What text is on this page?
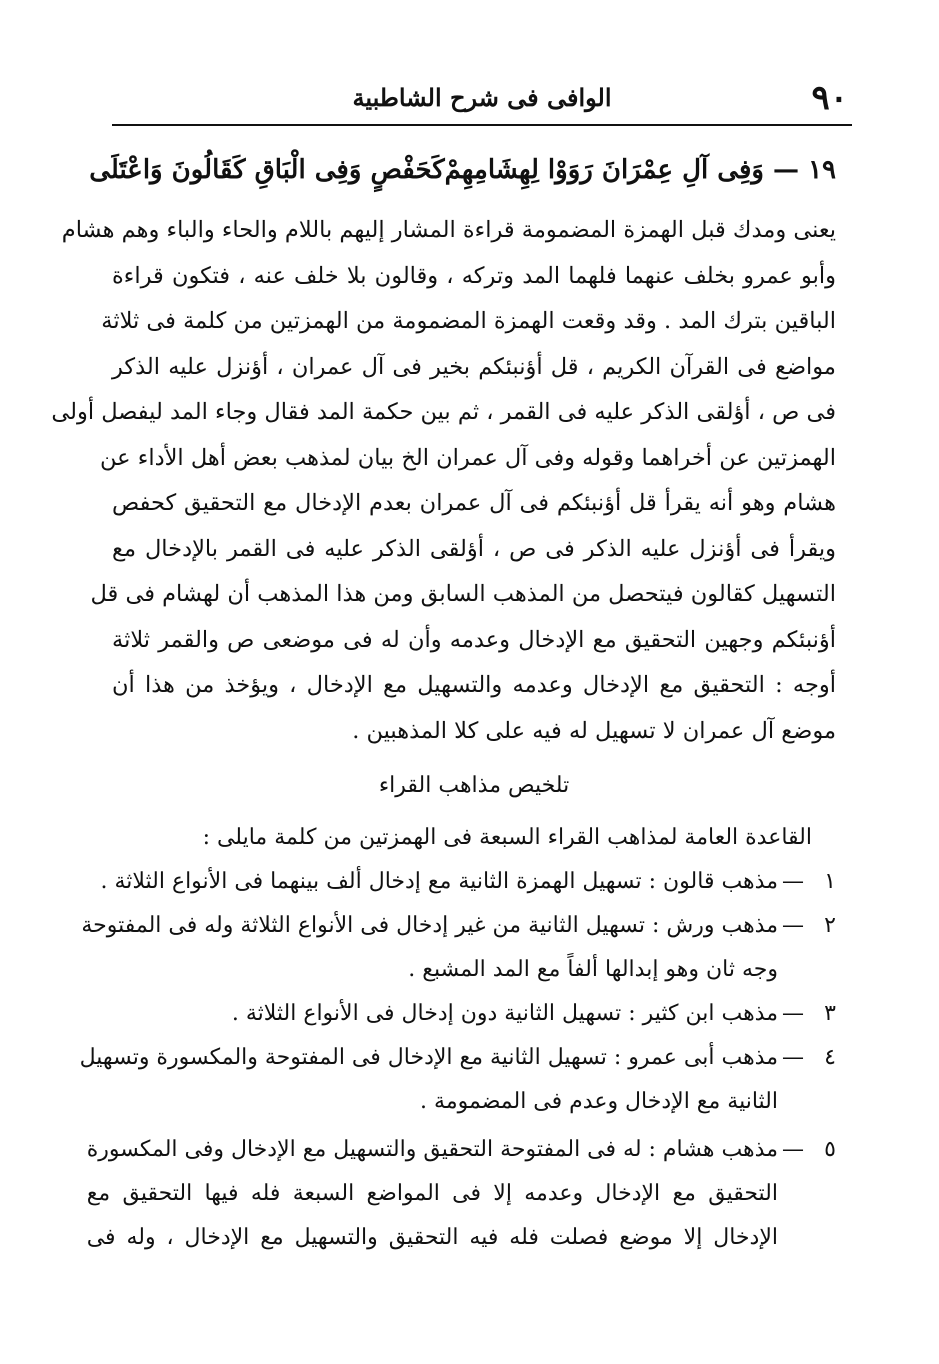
٩٠
الوافى فى شرح الشاطبية
١٩ — وَفِى آلِ عِمْرَانَ رَوَوْا لِهِشَامِهِمْ
كَحَفْصٍ وَفِى الْبَاقِ كَقَالُونَ وَاعْتَلَى

يعنى ومدك قبل الهمزة المضمومة قراءة المشار إليهم باللام والحاء والباء وهم هشام

وأبو عمرو بخلف عنهما فلهما المد وتركه ، وقالون بلا خلف عنه ، فتكون قراءة

الباقين بترك المد . وقد وقعت الهمزة المضمومة من الهمزتين من كلمة فى ثلاثة

مواضع فى القرآن الكريم ، قل أؤنبئكم بخير فى آل عمران ، أؤنزل عليه الذكر

فى ص ، أؤلقى الذكر عليه فى القمر ، ثم بين حكمة المد فقال وجاء المد ليفصل أولى

الهمزتين عن أخراهما وقوله وفى آل عمران الخ بيان لمذهب بعض أهل الأداء عن

هشام وهو أنه يقرأ قل أؤنبئكم فى آل عمران بعدم الإدخال مع التحقيق كحفص

ويقرأ فى أؤنزل عليه الذكر فى ص ، أؤلقى الذكر عليه فى القمر بالإدخال مع

التسهيل كقالون فيتحصل من المذهب السابق ومن هذا المذهب أن لهشام فى قل

أؤنبئكم وجهين التحقيق مع الإدخال وعدمه وأن له فى موضعى ص والقمر ثلاثة

أوجه : التحقيق مع الإدخال وعدمه والتسهيل مع الإدخال ، ويؤخذ من هذا أن

موضع آل عمران لا تسهيل له فيه على كلا المذهبين .

تلخيص مذاهب القراء
القاعدة العامة لمذاهب القراء السبعة فى الهمزتين من كلمة مايلى :
١
—

مذهب قالون : تسهيل الهمزة الثانية مع إدخال ألف بينهما فى الأنواع الثلاثة .

٢
—

مذهب ورش : تسهيل الثانية من غير إدخال فى الأنواع الثلاثة وله فى المفتوحة

وجه ثان وهو إبدالها ألفاً مع المد المشبع .

٣
—

مذهب ابن كثير : تسهيل الثانية دون إدخال فى الأنواع الثلاثة .

٤
—

مذهب أبى عمرو : تسهيل الثانية مع الإدخال فى المفتوحة والمكسورة وتسهيل

الثانية مع الإدخال وعدم فى المضمومة .

٥
—

مذهب هشام : له فى المفتوحة التحقيق والتسهيل مع الإدخال وفى المكسورة

التحقيق مع الإدخال وعدمه إلا فى المواضع السبعة فله فيها التحقيق مع

الإدخال إلا موضع فصلت فله فيه التحقيق والتسهيل مع الإدخال ، وله فى
